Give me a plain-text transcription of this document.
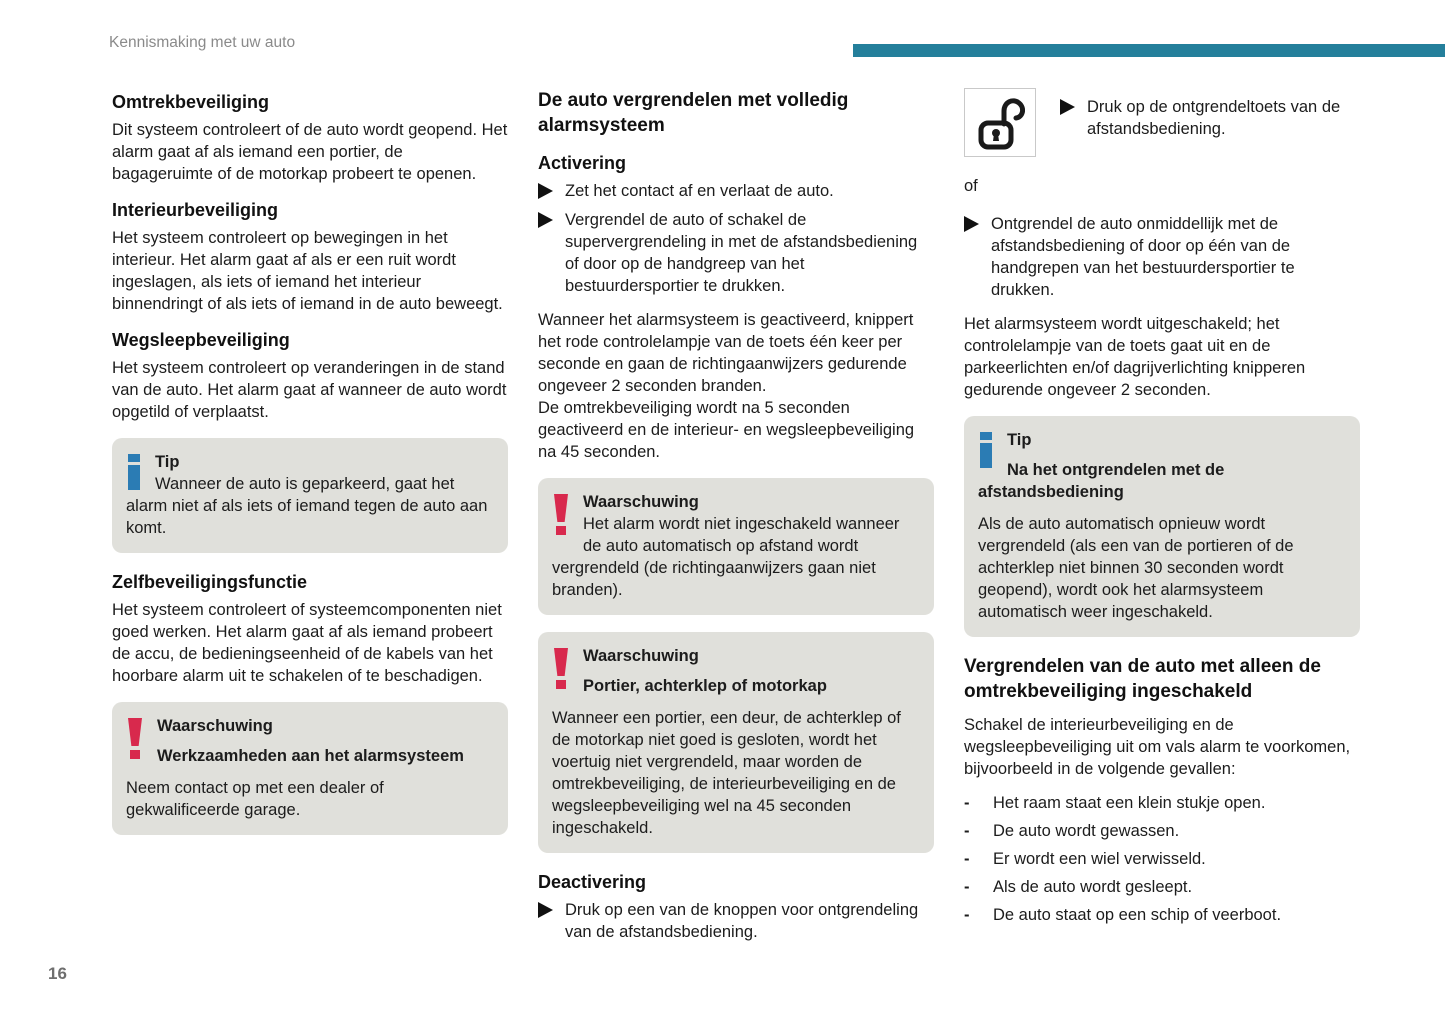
Kennismaking met uw auto
Omtrekbeveiliging

Dit systeem controleert of de auto wordt geopend. Het alarm gaat af als iemand een portier, de bagageruimte of de motorkap probeert te openen.

Interieurbeveiliging

Het systeem controleert op bewegingen in het interieur. Het alarm gaat af als er een ruit wordt ingeslagen, als iets of iemand het interieur binnendringt of als iets of iemand in de auto beweegt.

Wegsleepbeveiliging

Het systeem controleert op veranderingen in de stand van de auto. Het alarm gaat af wanneer de auto wordt opgetild of verplaatst.

Tip
Wanneer de auto is geparkeerd, gaat het alarm niet af als iets of iemand tegen de auto aan komt.
Zelfbeveiligingsfunctie

Het systeem controleert of systeemcomponenten niet goed werken. Het alarm gaat af als iemand probeert de accu, de bedieningseenheid of de kabels van het hoorbare alarm uit te schakelen of te beschadigen.

Waarschuwing
Werkzaamheden aan het alarmsysteem
Neem contact op met een dealer of gekwalificeerde garage.
De auto vergrendelen met volledig alarmsysteem
Activering
Zet het contact af en verlaat de auto.
Vergrendel de auto of schakel de supervergrendeling in met de afstandsbediening of door op de handgreep van het bestuurdersportier te drukken.

Wanneer het alarmsysteem is geactiveerd, knippert het rode controlelampje van de toets één keer per seconde en gaan de richtingaanwijzers gedurende ongeveer 2 seconden branden.

De omtrekbeveiliging wordt na 5 seconden geactiveerd en de interieur- en wegsleepbeveiliging na 45 seconden.

Waarschuwing
Het alarm wordt niet ingeschakeld wanneer de auto automatisch op afstand wordt vergrendeld (de richtingaanwijzers gaan niet branden).
Waarschuwing
Portier, achterklep of motorkap
Wanneer een portier, een deur, de achterklep of de motorkap niet goed is gesloten, wordt het voertuig niet vergrendeld, maar worden de omtrekbeveiliging, de interieurbeveiliging en de wegsleepbeveiliging wel na 45 seconden ingeschakeld.
Deactivering
Druk op een van de knoppen voor ontgrendeling van de afstandsbediening.
Druk op de ontgrendeltoets van de afstandsbediening.

of

Ontgrendel de auto onmiddellijk met de afstandsbediening of door op één van de handgrepen van het bestuurdersportier te drukken.

Het alarmsysteem wordt uitgeschakeld; het controlelampje van de toets gaat uit en de parkeerlichten en/of dagrijverlichting knipperen gedurende ongeveer 2 seconden.

Tip
Na het ontgrendelen met de afstandsbediening
Als de auto automatisch opnieuw wordt vergrendeld (als een van de portieren of de achterklep niet binnen 30 seconden wordt geopend), wordt ook het alarmsysteem automatisch weer ingeschakeld.
Vergrendelen van de auto met alleen de omtrekbeveiliging ingeschakeld

Schakel de interieurbeveiliging en de wegsleepbeveiliging uit om vals alarm te voorkomen, bijvoorbeeld in de volgende gevallen:

-
Het raam staat een klein stukje open.
-
De auto wordt gewassen.
-
Er wordt een wiel verwisseld.
-
Als de auto wordt gesleept.
-
De auto staat op een schip of veerboot.
16
